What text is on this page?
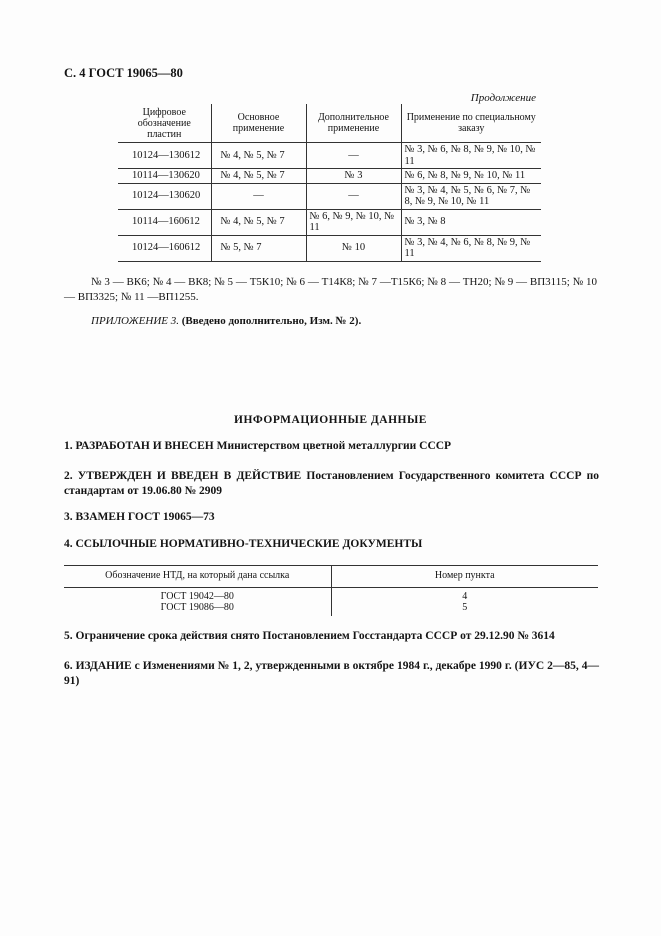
С. 4 ГОСТ 19065—80
Продолжение
Цифровое обозначение пластин	Основное применение	Дополнительное применение	Применение по специальному заказу
10124—130612	№ 4, № 5, № 7	—	№ 3, № 6, № 8, № 9, № 10, № 11
10114—130620	№ 4, № 5, № 7	№ 3	№ 6, № 8, № 9, № 10, № 11
10124—130620	—	—	№ 3, № 4, № 5, № 6, № 7, № 8, № 9, № 10, № 11
10114—160612	№ 4, № 5, № 7	№ 6, № 9, № 10, № 11	№ 3, № 8
10124—160612	№ 5, № 7	№ 10	№ 3, № 4, № 6, № 8, № 9, № 11
№ 3 — ВК6; № 4 — ВК8; № 5 — Т5К10; № 6 — Т14К8; № 7 —Т15К6; № 8 — ТН20; № 9 — ВП3115; № 10 — ВП3325; № 11 —ВП1255.
ПРИЛОЖЕНИЕ 3. (Введено дополнительно, Изм. № 2).
ИНФОРМАЦИОННЫЕ ДАННЫЕ
1. РАЗРАБОТАН И ВНЕСЕН Министерством цветной металлургии СССР
2. УТВЕРЖДЕН И ВВЕДЕН В ДЕЙСТВИЕ Постановлением Государственного комитета СССР по стандартам от 19.06.80 № 2909
3. ВЗАМЕН ГОСТ 19065—73
4. ССЫЛОЧНЫЕ НОРМАТИВНО-ТЕХНИЧЕСКИЕ ДОКУМЕНТЫ
Обозначение НТД, на который дана ссылка	Номер пункта
ГОСТ 19042—80	4
ГОСТ 19086—80	5
5. Ограничение срока действия снято Постановлением Госстандарта СССР от 29.12.90 № 3614
6. ИЗДАНИЕ с Изменениями № 1, 2, утвержденными в октябре 1984 г., декабре 1990 г. (ИУС 2—85, 4—91)
